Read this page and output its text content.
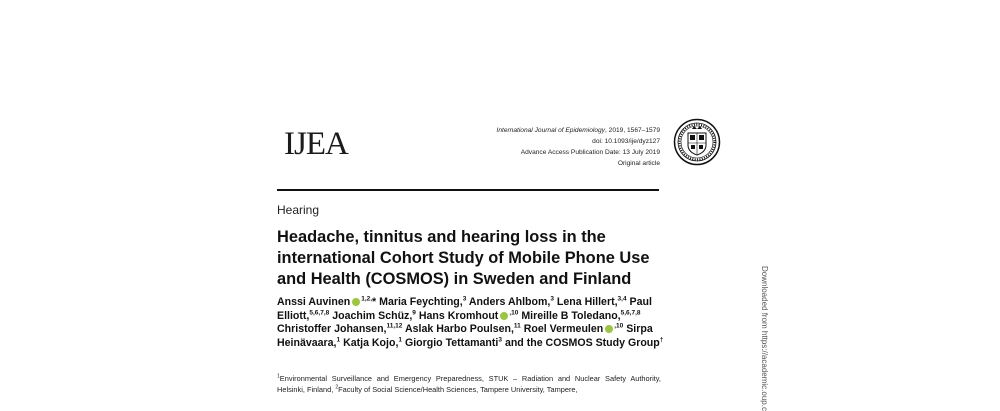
IJEA	International Journal of Epidemiology, 2019, 1567–1579
doi: 10.1093/ije/dyz127
Advance Access Publication Date: 13 July 2019
Original article
Hearing
Headache, tinnitus and hearing loss in the international Cohort Study of Mobile Phone Use and Health (COSMOS) in Sweden and Finland
Anssi Auvinen $^{1,2,}$* Maria Feychting,$^3$ Anders Ahlbom,$^3$ Lena Hillert,$^{3,4}$ Paul Elliott,$^{5,6,7,8}$ Joachim Schüz,$^9$ Hans Kromhout $^{,10}$ Mireille B Toledano,$^{5,6,7,8}$ Christoffer Johansen,$^{11,12}$ Aslak Harbo Poulsen,$^{11}$ Roel Vermeulen $^{,10}$ Sirpa Heinävaara,$^1$ Katja Kojo,$^1$ Giorgio Tettamanti$^3$ and the COSMOS Study Group†
$^1$Environmental Surveillance and Emergency Preparedness, STUK – Radiation and Nuclear Safety Authority, Helsinki, Finland, $^2$Faculty of Social Science/Health Sciences, Tampere University, Tampere,	Downloaded from https://academic.oup.c
